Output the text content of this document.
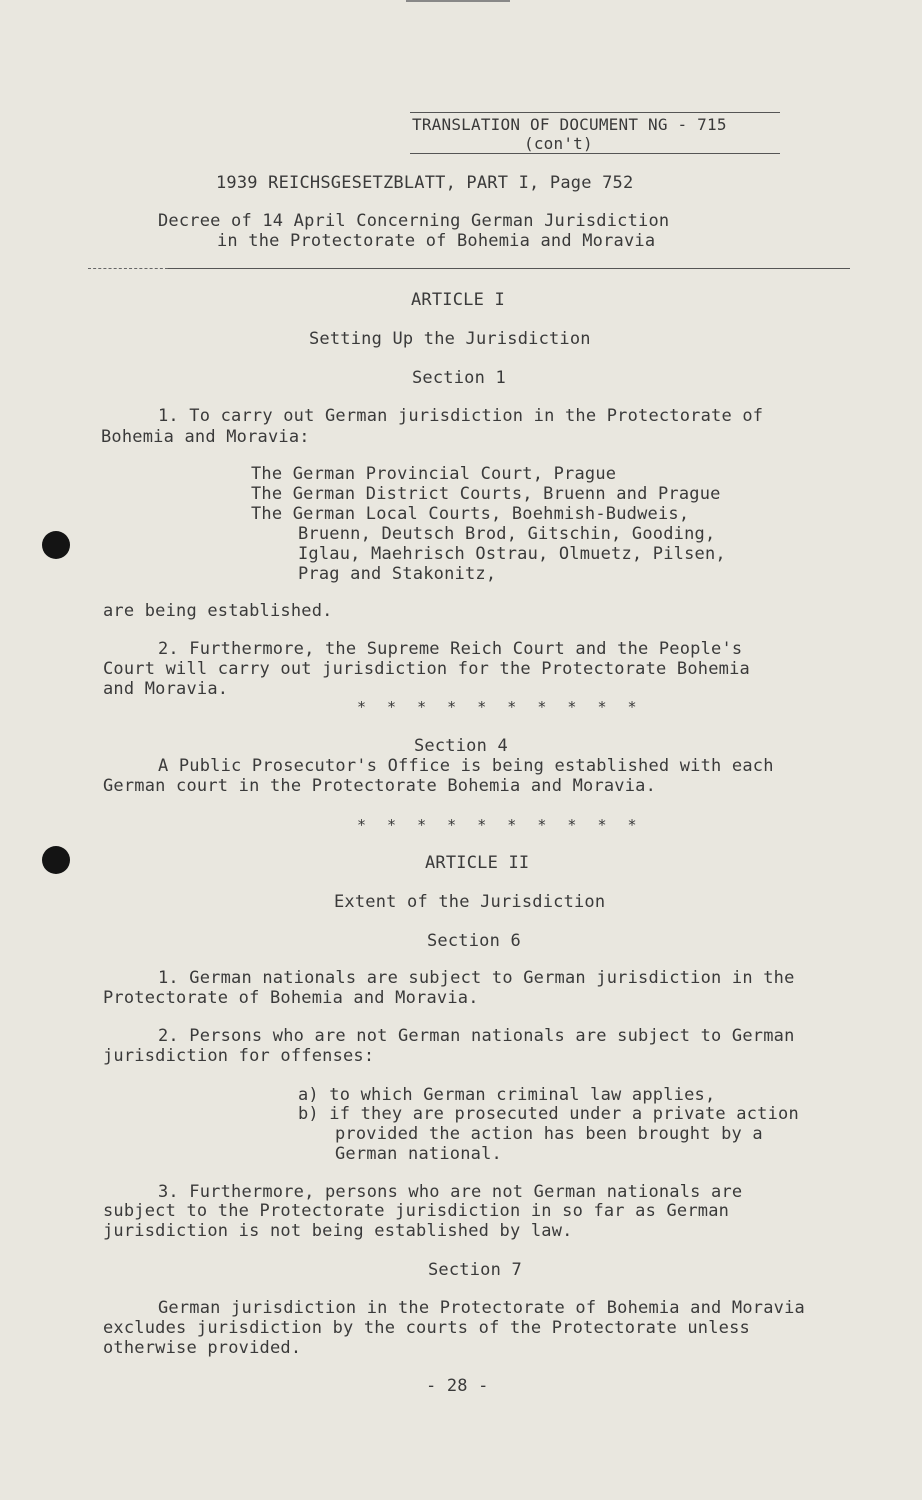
TRANSLATION OF DOCUMENT NG - 715
(con't)
1939 REICHSGESETZBLATT, PART I, Page 752
Decree of 14 April Concerning German Jurisdiction
in the Protectorate of Bohemia and Moravia
ARTICLE I
Setting Up the Jurisdiction
Section 1
1. To carry out German jurisdiction in the Protectorate of
Bohemia and Moravia:
The German Provincial Court, Prague
The German District Courts, Bruenn and Prague
The German Local Courts, Boehmish-Budweis,
Bruenn, Deutsch Brod, Gitschin, Gooding,
Iglau, Maehrisch Ostrau, Olmuetz, Pilsen,
Prag and Stakonitz,
are being established.
2. Furthermore, the Supreme Reich Court and the People's
Court will carry out jurisdiction for the Protectorate Bohemia
and Moravia.
* * * * * * * * * *
Section 4
A Public Prosecutor's Office is being established with each
German court in the Protectorate Bohemia and Moravia.
* * * * * * * * * *
ARTICLE II
Extent of the Jurisdiction
Section 6
1. German nationals are subject to German jurisdiction in the
Protectorate of Bohemia and Moravia.
2. Persons who are not German nationals are subject to German
jurisdiction for offenses:
a) to which German criminal law applies,
b) if they are prosecuted under a private action
provided the action has been brought by a
German national.
3. Furthermore, persons who are not German nationals are
subject to the Protectorate jurisdiction in so far as German
jurisdiction is not being established by law.
Section 7
German jurisdiction in the Protectorate of Bohemia and Moravia
excludes jurisdiction by the courts of the Protectorate unless
otherwise provided.
- 28 -
